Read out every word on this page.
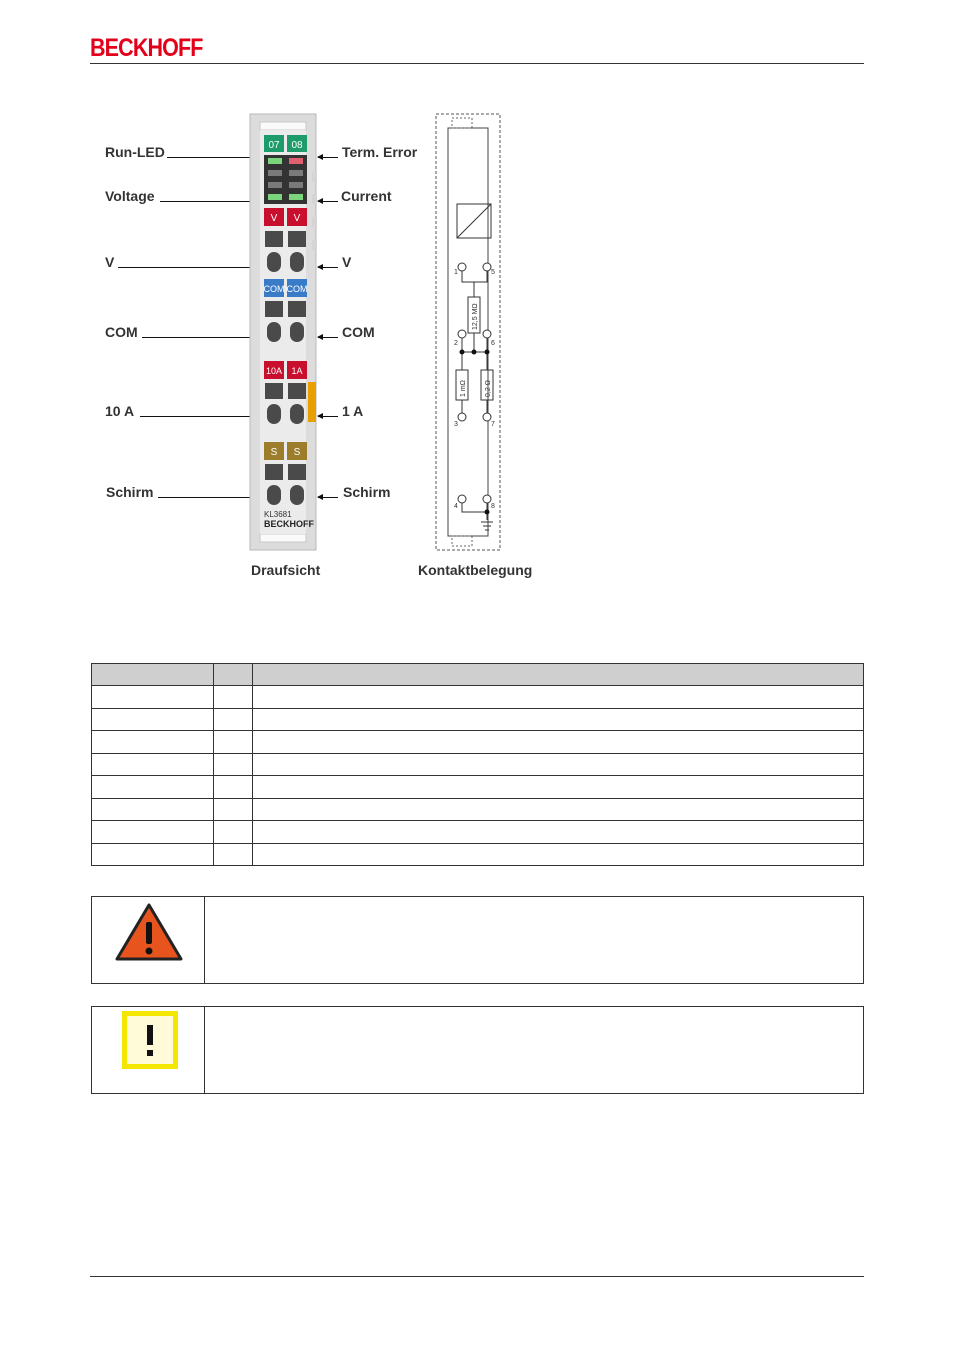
BECKHOFF
Run-LED
Voltage
V
COM
10 A
Schirm
Term. Error
Current
V
COM
1 A
Schirm
07 08
V V
COM COM
10A 1A
S S
KL3681
BECKHOFF
1	5
2	6
3	7
4	8
12,5 MΩ
1 mΩ	0,2 Ω
Draufsicht	Kontaktbelegung
